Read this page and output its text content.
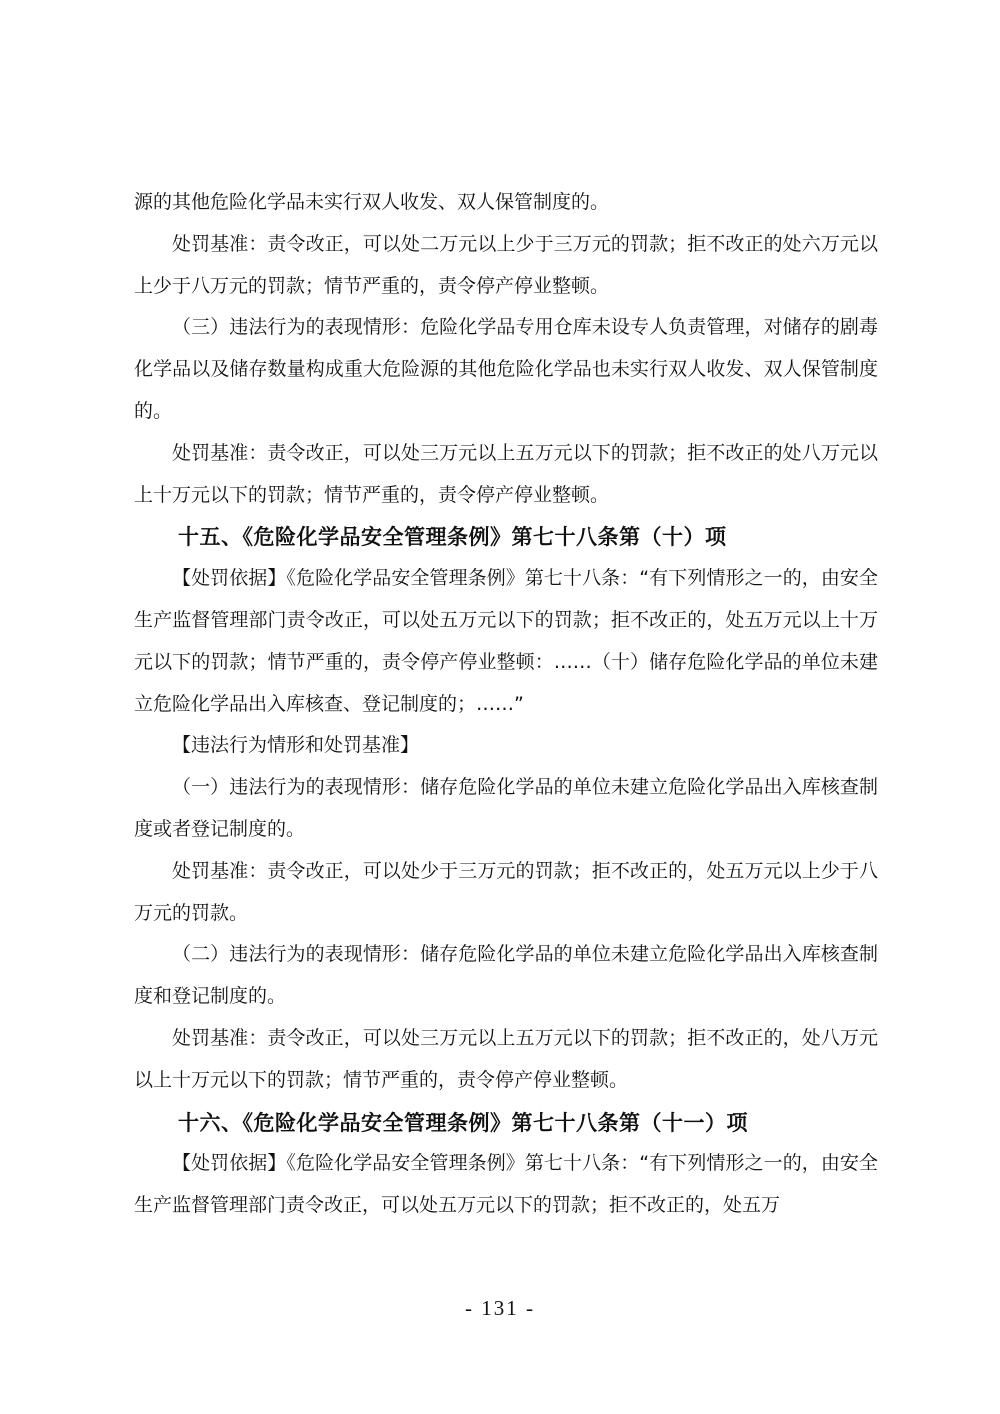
源的其他危险化学品未实行双人收发、双人保管制度的。

处罚基准：责令改正，可以处二万元以上少于三万元的罚款；拒不改正的处六万元以上少于八万元的罚款；情节严重的，责令停产停业整顿。

（三）违法行为的表现情形：危险化学品专用仓库未设专人负责管理，对储存的剧毒化学品以及储存数量构成重大危险源的其他危险化学品也未实行双人收发、双人保管制度的。

处罚基准：责令改正，可以处三万元以上五万元以下的罚款；拒不改正的处八万元以上十万元以下的罚款；情节严重的，责令停产停业整顿。

十五、《危险化学品安全管理条例》第七十八条第（十）项

【处罚依据】《危险化学品安全管理条例》第七十八条：“有下列情形之一的，由安全生产监督管理部门责令改正，可以处五万元以下的罚款；拒不改正的，处五万元以上十万元以下的罚款；情节严重的，责令停产停业整顿：……（十）储存危险化学品的单位未建立危险化学品出入库核查、登记制度的；……”

【违法行为情形和处罚基准】

（一）违法行为的表现情形：储存危险化学品的单位未建立危险化学品出入库核查制度或者登记制度的。

处罚基准：责令改正，可以处少于三万元的罚款；拒不改正的，处五万元以上少于八万元的罚款。

（二）违法行为的表现情形：储存危险化学品的单位未建立危险化学品出入库核查制度和登记制度的。

处罚基准：责令改正，可以处三万元以上五万元以下的罚款；拒不改正的，处八万元以上十万元以下的罚款；情节严重的，责令停产停业整顿。

十六、《危险化学品安全管理条例》第七十八条第（十一）项

【处罚依据】《危险化学品安全管理条例》第七十八条：“有下列情形之一的，由安全生产监督管理部门责令改正，可以处五万元以下的罚款；拒不改正的，处五万

- 131 -
